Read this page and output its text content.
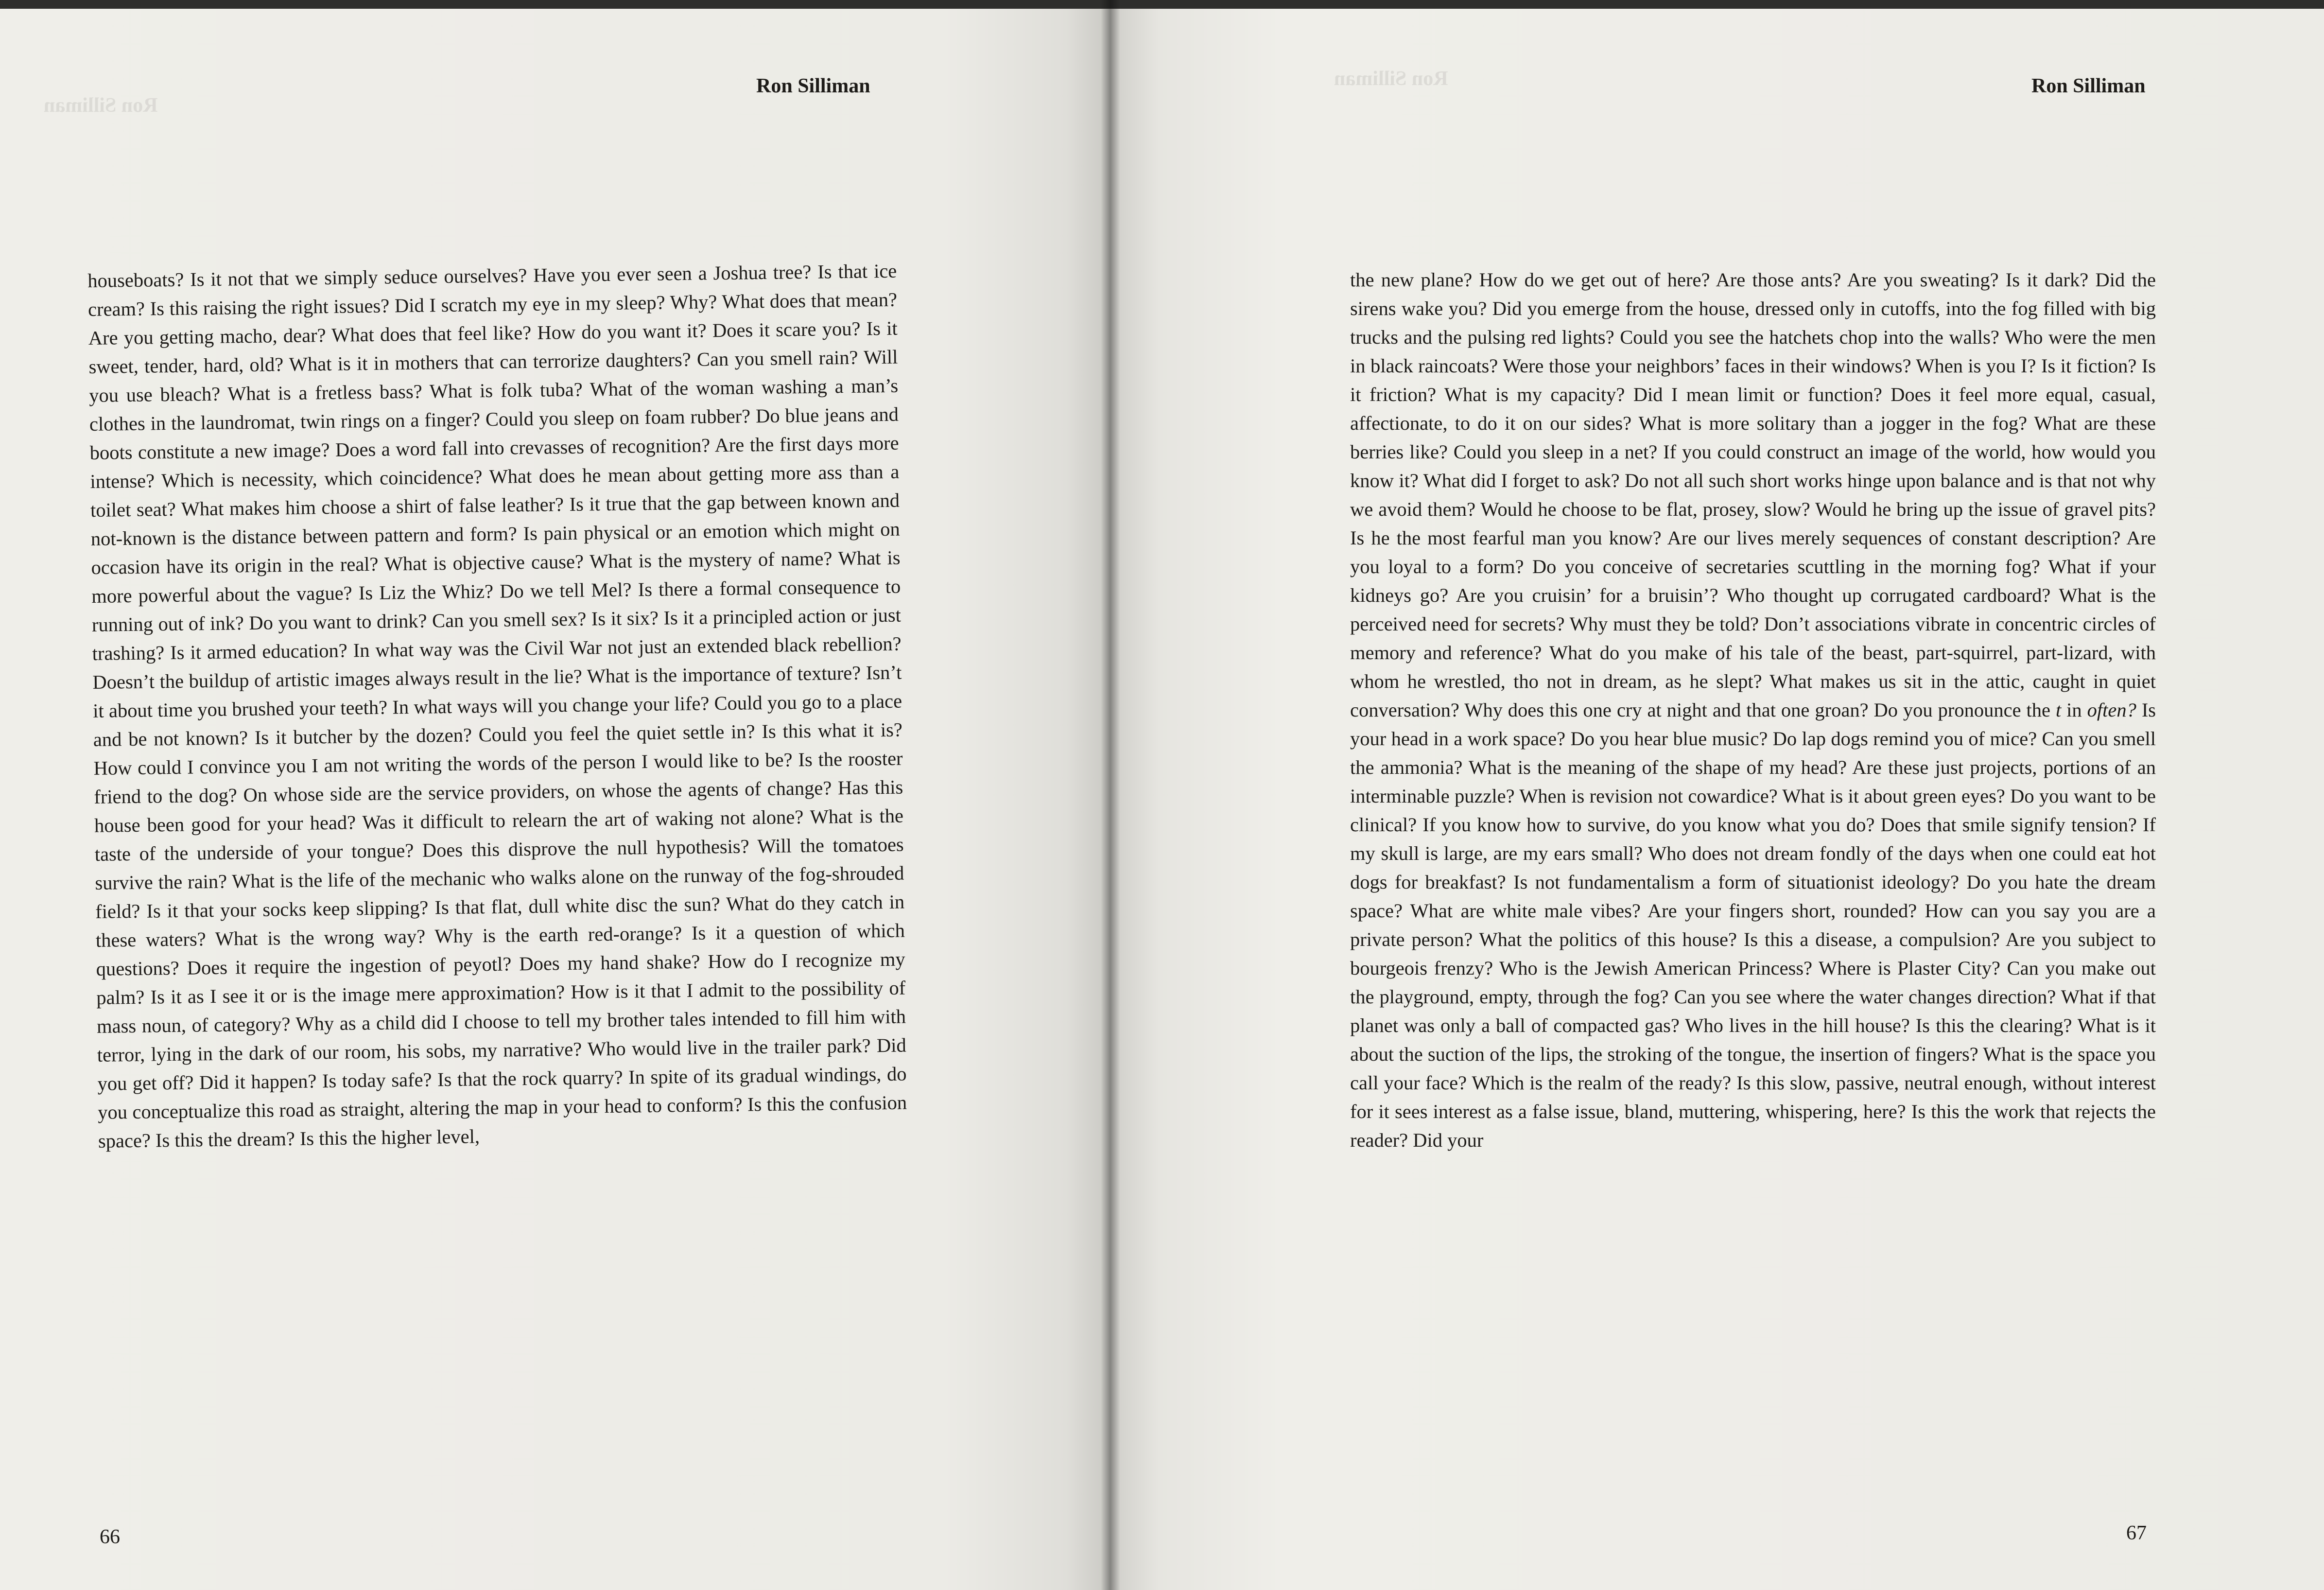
Ron Silliman
Ron Silliman

houseboats? Is it not that we simply seduce ourselves? Have you ever seen a Joshua tree? Is that ice cream? Is this raising the right issues? Did I scratch my eye in my sleep? Why? What does that mean? Are you getting macho, dear? What does that feel like? How do you want it? Does it scare you? Is it sweet, tender, hard, old? What is it in mothers that can terrorize daughters? Can you smell rain? Will you use bleach? What is a fretless bass? What is folk tuba? What of the woman washing a man’s clothes in the laundromat, twin rings on a finger? Could you sleep on foam rubber? Do blue jeans and boots constitute a new image? Does a word fall into crevasses of recognition? Are the first days more intense? Which is necessity, which coincidence? What does he mean about getting more ass than a toilet seat? What makes him choose a shirt of false leather? Is it true that the gap between known and not-known is the distance between pattern and form? Is pain physical or an emotion which might on occasion have its origin in the real? What is objective cause? What is the mystery of name? What is more powerful about the vague? Is Liz the Whiz? Do we tell Mel? Is there a formal consequence to running out of ink? Do you want to drink? Can you smell sex? Is it six? Is it a principled action or just trashing? Is it armed education? In what way was the Civil War not just an extended black rebellion? Doesn’t the buildup of artistic images always result in the lie? What is the importance of texture? Isn’t it about time you brushed your teeth? In what ways will you change your life? Could you go to a place and be not known? Is it butcher by the dozen? Could you feel the quiet settle in? Is this what it is? How could I convince you I am not writing the words of the person I would like to be? Is the rooster friend to the dog? On whose side are the service providers, on whose the agents of change? Has this house been good for your head? Was it difficult to relearn the art of waking not alone? What is the taste of the underside of your tongue? Does this disprove the null hypothesis? Will the tomatoes survive the rain? What is the life of the mechanic who walks alone on the runway of the fog-shrouded field? Is it that your socks keep slipping? Is that flat, dull white disc the sun? What do they catch in these waters? What is the wrong way? Why is the earth red-orange? Is it a question of which questions? Does it require the ingestion of peyotl? Does my hand shake? How do I recognize my palm? Is it as I see it or is the image mere approximation? How is it that I admit to the possibility of mass noun, of category? Why as a child did I choose to tell my brother tales intended to fill him with terror, lying in the dark of our room, his sobs, my narrative? Who would live in the trailer park? Did you get off? Did it happen? Is today safe? Is that the rock quarry? In spite of its gradual windings, do you conceptualize this road as straight, altering the map in your head to conform? Is this the confusion space? Is this the dream? Is this the higher level,

66

Ron Silliman	Ron Silliman

the new plane? How do we get out of here? Are those ants? Are you sweating? Is it dark? Did the sirens wake you? Did you emerge from the house, dressed only in cutoffs, into the fog filled with big trucks and the pulsing red lights? Could you see the hatchets chop into the walls? Who were the men in black raincoats? Were those your neighbors’ faces in their windows? When is you I? Is it fiction? Is it friction? What is my capacity? Did I mean limit or function? Does it feel more equal, casual, affectionate, to do it on our sides? What is more solitary than a jogger in the fog? What are these berries like? Could you sleep in a net? If you could construct an image of the world, how would you know it? What did I forget to ask? Do not all such short works hinge upon balance and is that not why we avoid them? Would he choose to be flat, prosey, slow? Would he bring up the issue of gravel pits? Is he the most fearful man you know? Are our lives merely sequences of constant description? Are you loyal to a form? Do you conceive of secretaries scuttling in the morning fog? What if your kidneys go? Are you cruisin’ for a bruisin’? Who thought up corrugated cardboard? What is the perceived need for secrets? Why must they be told? Don’t associations vibrate in concentric circles of memory and reference? What do you make of his tale of the beast, part-squirrel, part-lizard, with whom he wrestled, tho not in dream, as he slept? What makes us sit in the attic, caught in quiet conversation? Why does this one cry at night and that one groan? Do you pronounce the t in often? Is your head in a work space? Do you hear blue music? Do lap dogs remind you of mice? Can you smell the ammonia? What is the meaning of the shape of my head? Are these just projects, portions of an interminable puzzle? When is revision not cowardice? What is it about green eyes? Do you want to be clinical? If you know how to survive, do you know what you do? Does that smile signify tension? If my skull is large, are my ears small? Who does not dream fondly of the days when one could eat hot dogs for breakfast? Is not fundamentalism a form of situationist ideology? Do you hate the dream space? What are white male vibes? Are your fingers short, rounded? How can you say you are a private person? What the politics of this house? Is this a disease, a compulsion? Are you subject to bourgeois frenzy? Who is the Jewish American Princess? Where is Plaster City? Can you make out the playground, empty, through the fog? Can you see where the water changes direction? What if that planet was only a ball of compacted gas? Who lives in the hill house? Is this the clearing? What is it about the suction of the lips, the stroking of the tongue, the insertion of fingers? What is the space you call your face? Which is the realm of the ready? Is this slow, passive, neutral enough, without interest for it sees interest as a false issue, bland, muttering, whispering, here? Is this the work that rejects the reader? Did your

67
